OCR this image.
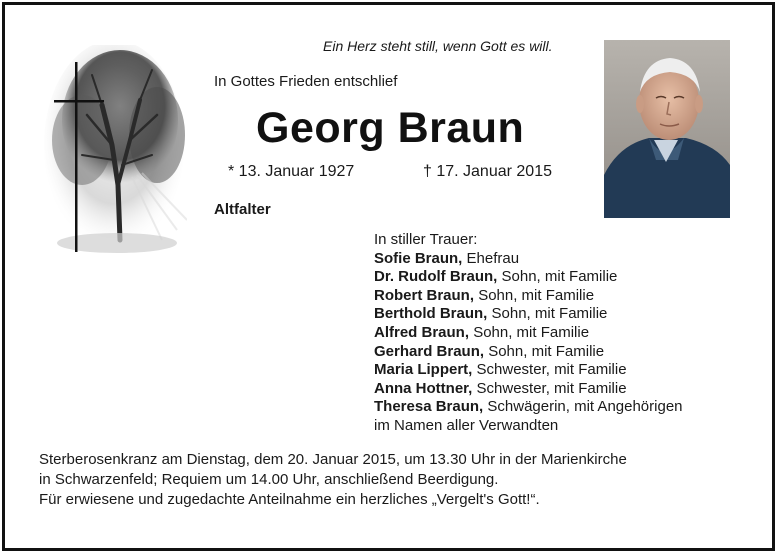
Ein Herz steht still, wenn Gott es will.
In Gottes Frieden entschlief
Georg Braun
* 13. Januar 1927	† 17. Januar 2015
Altfalter
In stiller Trauer:
Sofie Braun, Ehefrau
Dr. Rudolf Braun, Sohn, mit Familie
Robert Braun, Sohn, mit Familie
Berthold Braun, Sohn, mit Familie
Alfred Braun, Sohn, mit Familie
Gerhard Braun, Sohn, mit Familie
Maria Lippert, Schwester, mit Familie
Anna Hottner, Schwester, mit Familie
Theresa Braun, Schwägerin, mit Angehörigen
im Namen aller Verwandten
Sterberosenkranz am Dienstag, dem 20. Januar 2015, um 13.30 Uhr in der Marienkirche
in Schwarzenfeld; Requiem um 14.00 Uhr, anschließend Beerdigung.
Für erwiesene und zugedachte Anteilnahme ein herzliches „Vergelt's Gott!“.
